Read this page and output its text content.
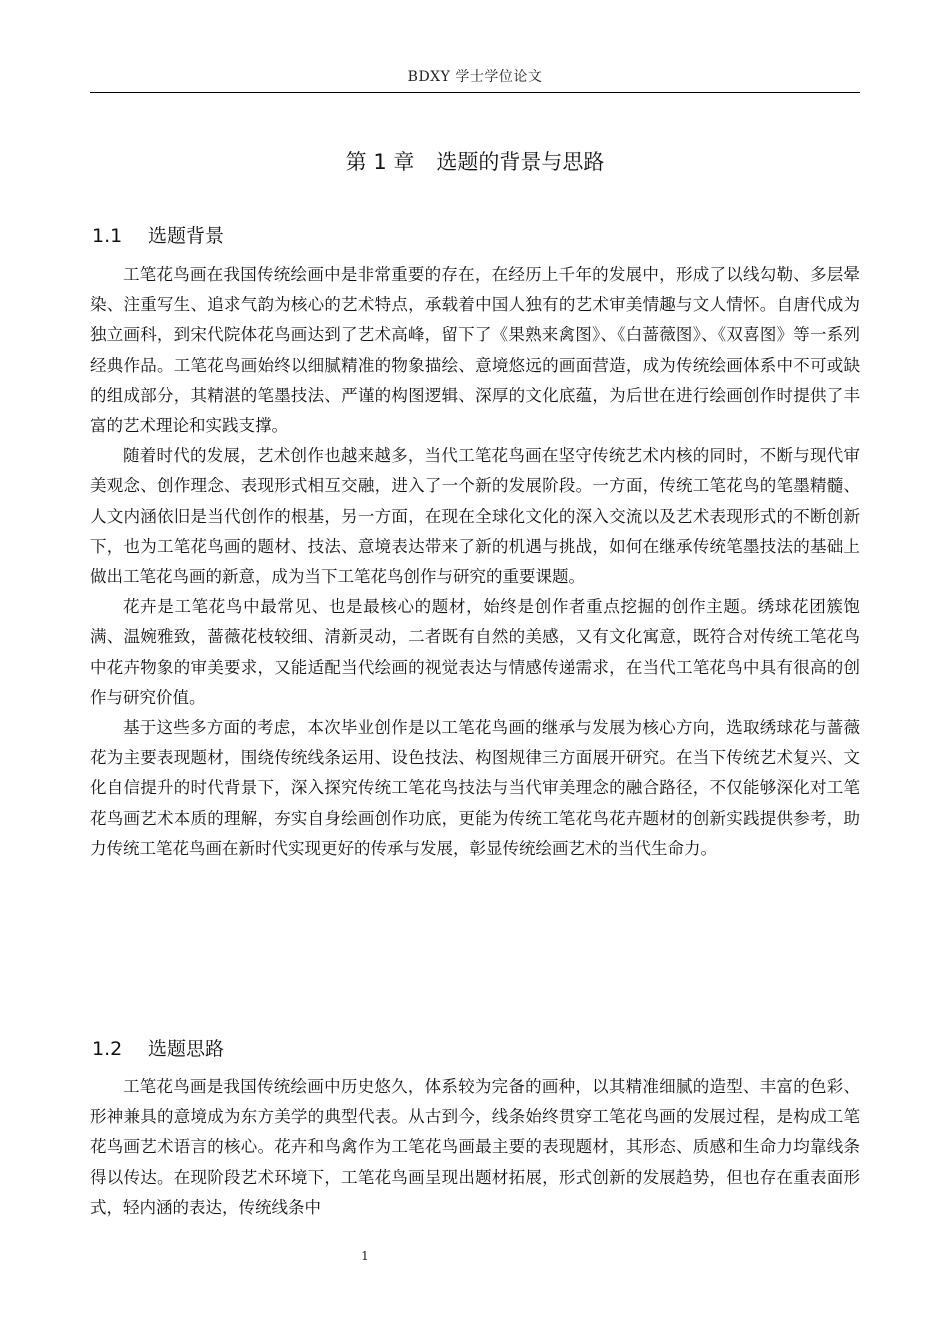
BDXY 学士学位论文
第 1 章 选题的背景与思路
1.1 选题背景

工笔花鸟画在我国传统绘画中是非常重要的存在，在经历上千年的发展中，形成了以线勾勒、多层晕染、注重写生、追求气韵为核心的艺术特点，承载着中国人独有的艺术审美情趣与文人情怀。自唐代成为独立画科，到宋代院体花鸟画达到了艺术高峰，留下了《果熟来禽图》、《白蔷薇图》、《双喜图》等一系列经典作品。工笔花鸟画始终以细腻精准的物象描绘、意境悠远的画面营造，成为传统绘画体系中不可或缺的组成部分，其精湛的笔墨技法、严谨的构图逻辑、深厚的文化底蕴，为后世在进行绘画创作时提供了丰富的艺术理论和实践支撑。

随着时代的发展，艺术创作也越来越多，当代工笔花鸟画在坚守传统艺术内核的同时，不断与现代审美观念、创作理念、表现形式相互交融，进入了一个新的发展阶段。一方面，传统工笔花鸟的笔墨精髓、人文内涵依旧是当代创作的根基，另一方面，在现在全球化文化的深入交流以及艺术表现形式的不断创新下，也为工笔花鸟画的题材、技法、意境表达带来了新的机遇与挑战，如何在继承传统笔墨技法的基础上做出工笔花鸟画的新意，成为当下工笔花鸟创作与研究的重要课题。

花卉是工笔花鸟中最常见、也是最核心的题材，始终是创作者重点挖掘的创作主题。绣球花团簇饱满、温婉雅致，蔷薇花枝较细、清新灵动，二者既有自然的美感，又有文化寓意，既符合对传统工笔花鸟中花卉物象的审美要求，又能适配当代绘画的视觉表达与情感传递需求，在当代工笔花鸟中具有很高的创作与研究价值。

基于这些多方面的考虑，本次毕业创作是以工笔花鸟画的继承与发展为核心方向，选取绣球花与蔷薇花为主要表现题材，围绕传统线条运用、设色技法、构图规律三方面展开研究。在当下传统艺术复兴、文化自信提升的时代背景下，深入探究传统工笔花鸟技法与当代审美理念的融合路径，不仅能够深化对工笔花鸟画艺术本质的理解，夯实自身绘画创作功底，更能为传统工笔花鸟花卉题材的创新实践提供参考，助力传统工笔花鸟画在新时代实现更好的传承与发展，彰显传统绘画艺术的当代生命力。

1.2 选题思路

工笔花鸟画是我国传统绘画中历史悠久，体系较为完备的画种，以其精准细腻的造型、丰富的色彩、形神兼具的意境成为东方美学的典型代表。从古到今，线条始终贯穿工笔花鸟画的发展过程，是构成工笔花鸟画艺术语言的核心。花卉和鸟禽作为工笔花鸟画最主要的表现题材，其形态、质感和生命力均靠线条得以传达。在现阶段艺术环境下，工笔花鸟画呈现出题材拓展，形式创新的发展趋势，但也存在重表面形式，轻内涵的表达，传统线条中

1
